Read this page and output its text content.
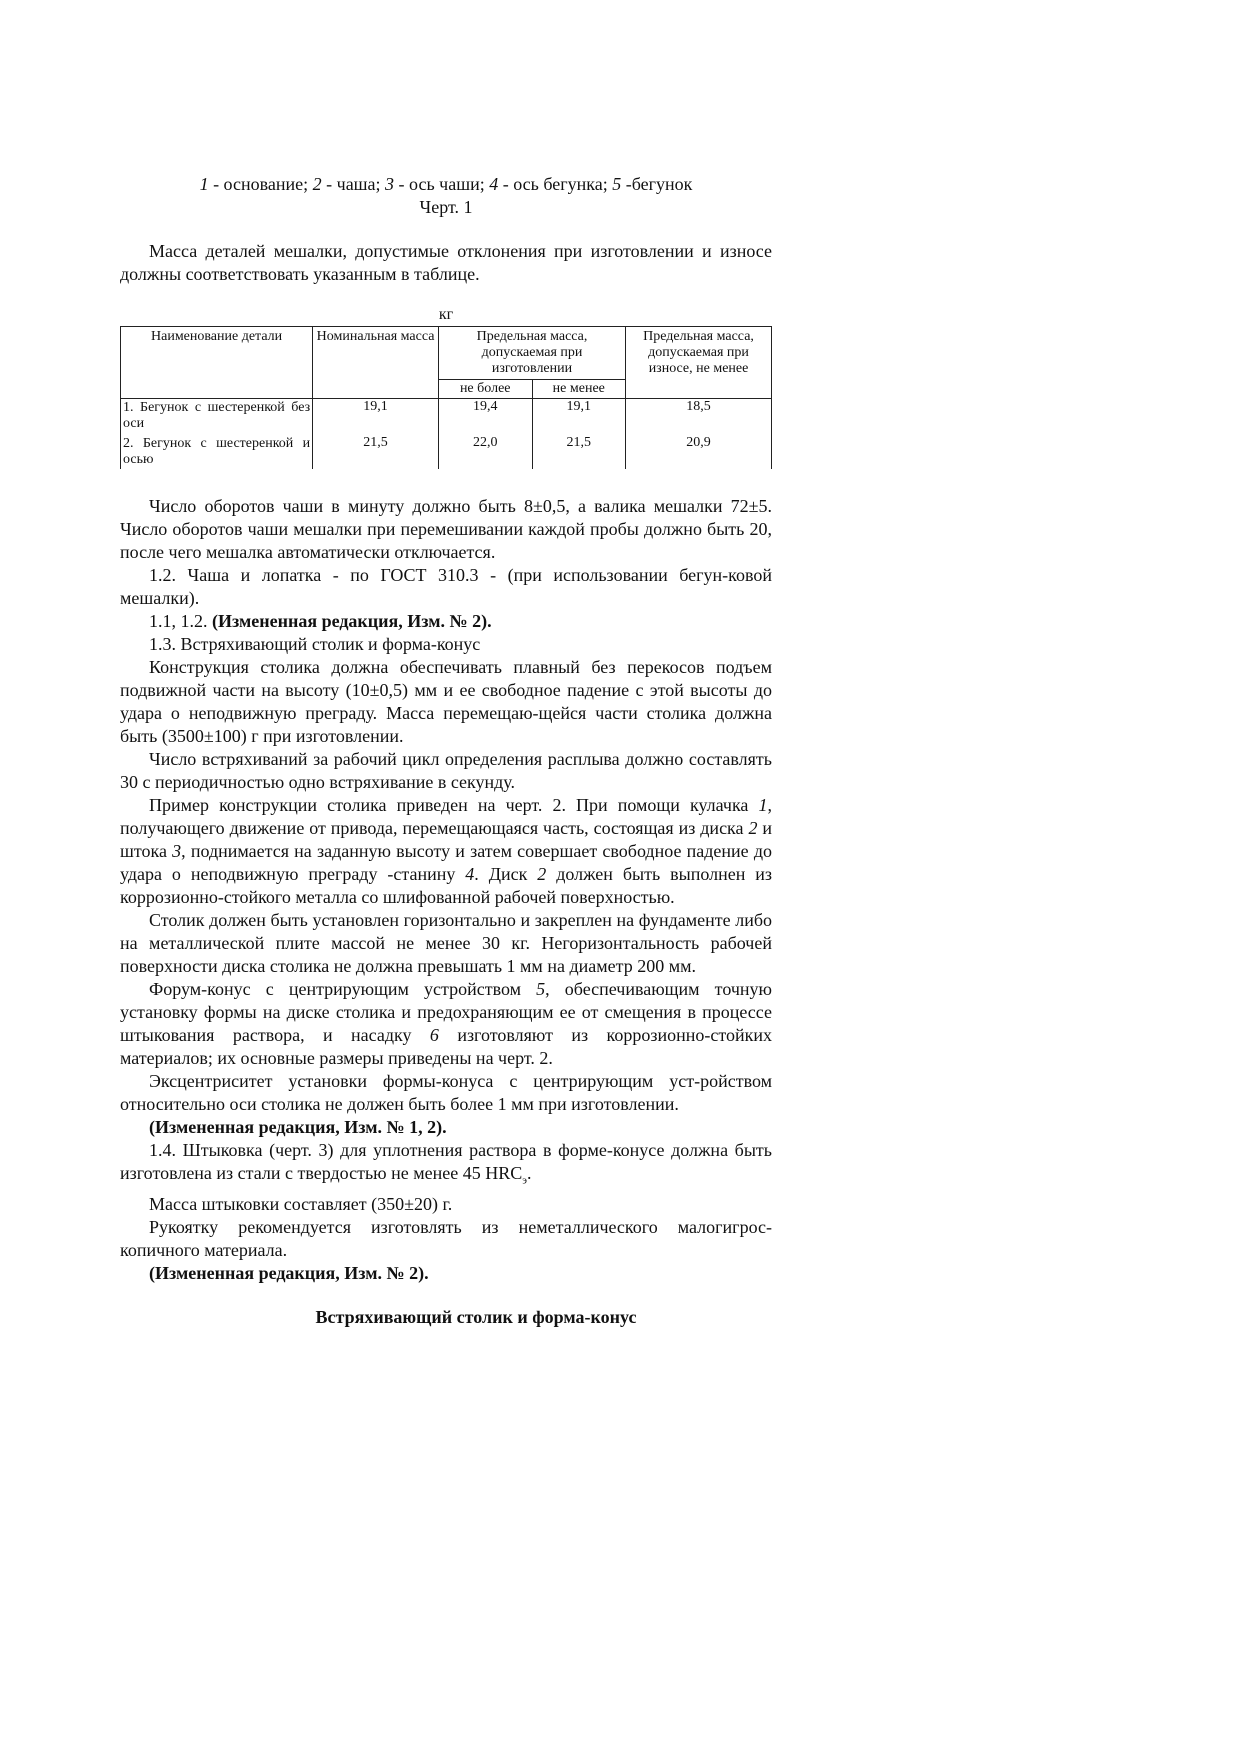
1 - основание; 2 - чаша; 3 - ось чаши; 4 - ось бегунка; 5 -бегунок
Черт. 1

Масса деталей мешалки, допустимые отклонения при изготовлении и износе должны соответствовать указанным в таблице.

кг
Наименование детали	Номинальная масса	Предельная масса, допускаемая при изготовлении		Предельная масса, допускаемая при износе, не менее
		не более	не менее	
1. Бегунок с шестеренкой без оси	19,1	19,4	19,1	18,5
2. Бегунок с шестеренкой и осью	21,5	22,0	21,5	20,9

Число оборотов чаши в минуту должно быть 8±0,5, а валика мешалки 72±5. Число оборотов чаши мешалки при перемешивании каждой пробы должно быть 20, после чего мешалка автоматически отключается.

1.2. Чаша и лопатка - по ГОСТ 310.3 - (при использовании бегун-ковой мешалки).

1.1, 1.2. (Измененная редакция, Изм. № 2).

1.3. Встряхивающий столик и форма-конус

Конструкция столика должна обеспечивать плавный без перекосов подъем подвижной части на высоту (10±0,5) мм и ее свободное падение с этой высоты до удара о неподвижную преграду. Масса перемещаю-щейся части столика должна быть (3500±100) г при изготовлении.

Число встряхиваний за рабочий цикл определения расплыва должно составлять 30 с периодичностью одно встряхивание в секунду.

Пример конструкции столика приведен на черт. 2. При помощи кулачка 1, получающего движение от привода, перемещающаяся часть, состоящая из диска 2 и штока 3, поднимается на заданную высоту и затем совершает свободное падение до удара о неподвижную преграду -станину 4. Диск 2 должен быть выполнен из коррозионно-стойкого металла со шлифованной рабочей поверхностью.

Столик должен быть установлен горизонтально и закреплен на фундаменте либо на металлической плите массой не менее 30 кг. Негоризонтальность рабочей поверхности диска столика не должна превышать 1 мм на диаметр 200 мм.

Форум-конус с центрирующим устройством 5, обеспечивающим точную установку формы на диске столика и предохраняющим ее от смещения в процессе штыкования раствора, и насадку 6 изготовляют из коррозионно-стойких материалов; их основные размеры приведены на черт. 2.

Эксцентриситет установки формы-конуса с центрирующим уст-ройством относительно оси столика не должен быть более 1 мм при изготовлении.

(Измененная редакция, Изм. № 1, 2).

1.4. Штыковка (черт. 3) для уплотнения раствора в форме-конусе должна быть изготовлена из стали с твердостью не менее 45 $HRC_э$.

Масса штыковки составляет (350±20) г.

Рукоятку рекомендуется изготовлять из неметаллического малогигрос-копичного материала.

(Измененная редакция, Изм. № 2).

Встряхивающий столик и форма-конус
